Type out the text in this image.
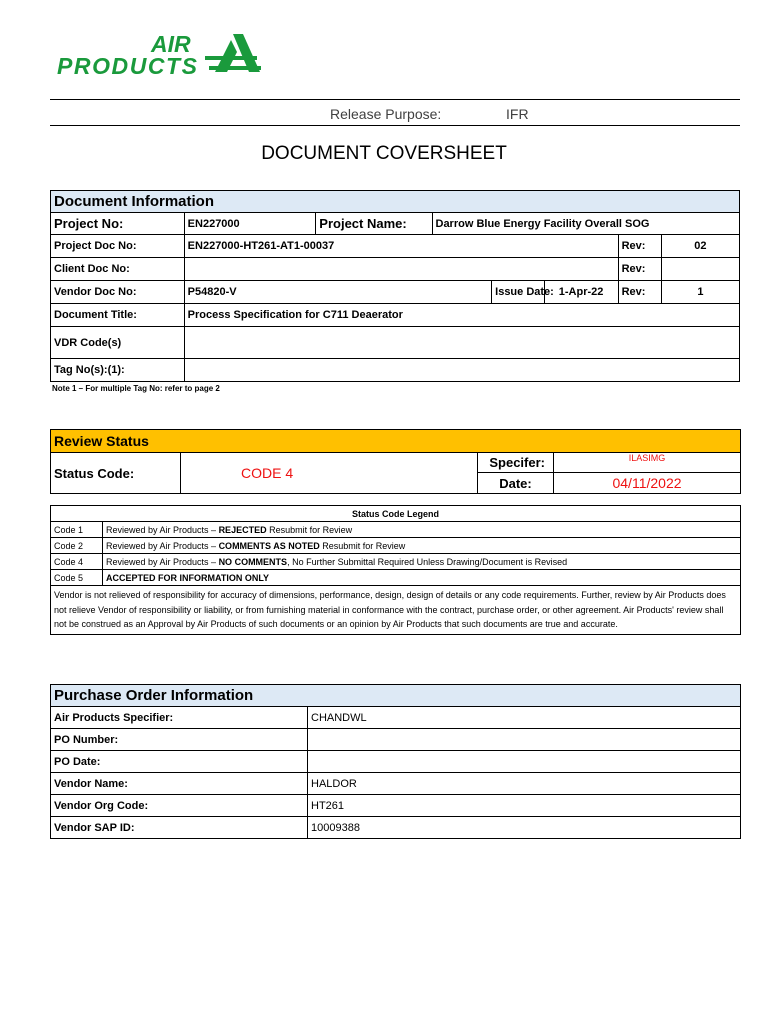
AIR
PRODUCTS
Release Purpose:	IFR
DOCUMENT COVERSHEET
Document Information							
Project No:	EN227000	Project Name:	Darrow Blue Energy Facility Overall SOG				
Project Doc No:	EN227000-HT261-AT1-00037					Rev:	02
Client Doc No:						Rev:	
Vendor Doc No:	P54820-V			Issue Date:	1-Apr-22	Rev:	1
Document Title:	Process Specification for C711 Deaerator						
VDR Code(s)							
Tag No(s):(1):							
Note 1 – For multiple Tag No: refer to page 2
Review Status			
Status Code:	CODE 4	Specifer:	ILASIMG
		Date:	04/11/2022
Status Code Legend	
Code 1	Reviewed by Air Products – REJECTED Resubmit for Review
Code 2	Reviewed by Air Products – COMMENTS AS NOTED Resubmit for Review
Code 4	Reviewed by Air Products – NO COMMENTS, No Further Submittal Required Unless Drawing/Document is Revised
Code 5	ACCEPTED FOR INFORMATION ONLY
Vendor is not relieved of responsibility for accuracy of dimensions, performance, design, design of details or any code requirements. Further, review by Air Products does not relieve Vendor of responsibility or liability, or from furnishing material in conformance with the contract, purchase order, or other agreement. Air Products' review shall not be construed as an Approval by Air Products of such documents or an opinion by Air Products that such documents are true and accurate.	
Purchase Order Information	
Air Products Specifier:	CHANDWL
PO Number:	
PO Date:	
Vendor Name:	HALDOR
Vendor Org Code:	HT261
Vendor SAP ID:	10009388
